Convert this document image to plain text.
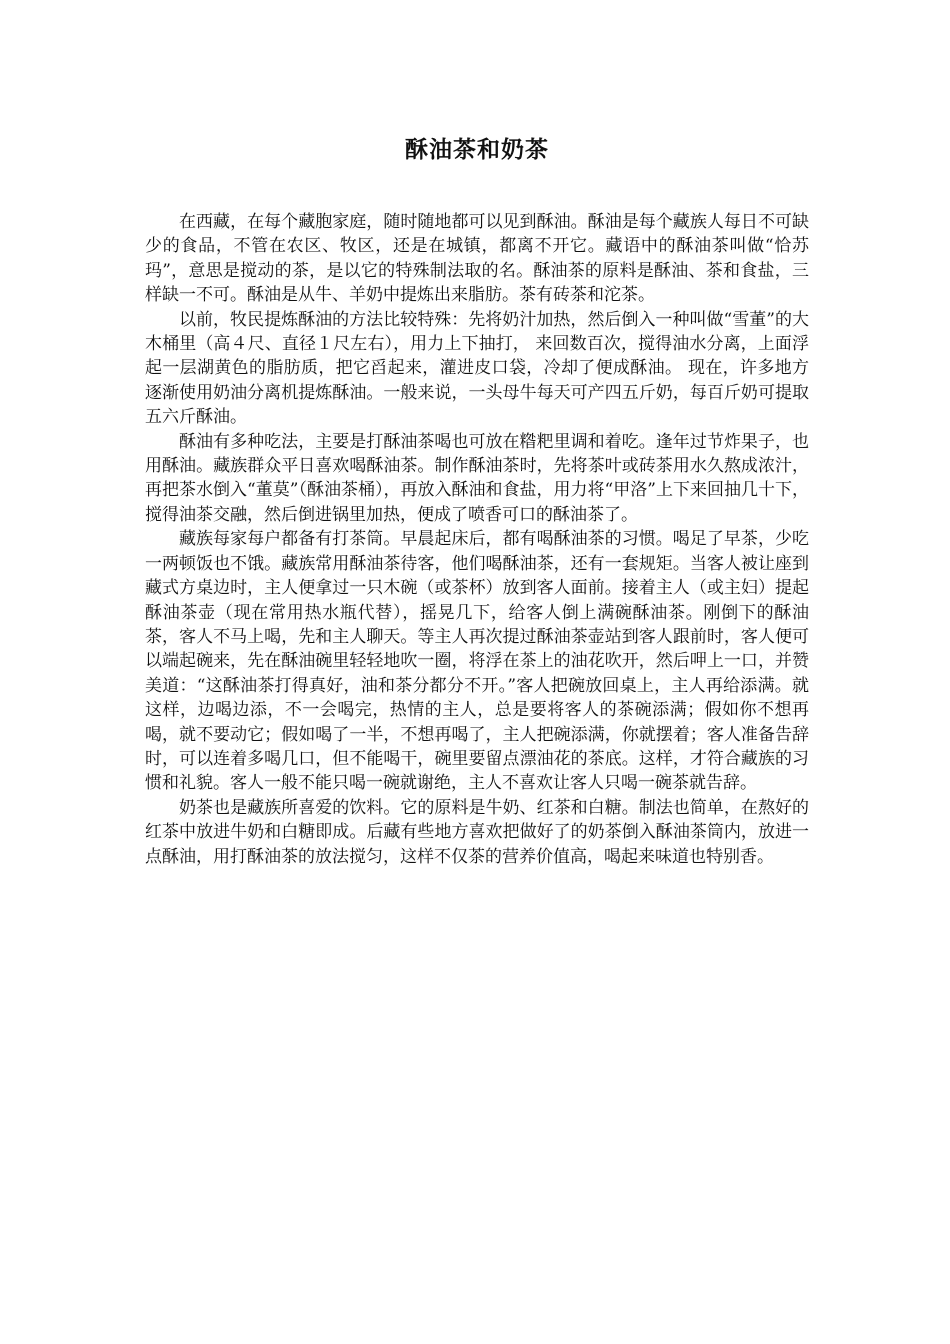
酥油茶和奶茶

在西藏，在每个藏胞家庭，随时随地都可以见到酥油。酥油是每个藏族人每日不可缺少的食品，不管在农区、牧区，还是在城镇，都离不开它。藏语中的酥油茶叫做“恰苏玛”，意思是搅动的茶，是以它的特殊制法取的名。酥油茶的原料是酥油、茶和食盐，三样缺一不可。酥油是从牛、羊奶中提炼出来脂肪。茶有砖茶和沱茶。

以前，牧民提炼酥油的方法比较特殊：先将奶汁加热，然后倒入一种叫做“雪董”的大木桶里（高４尺、直径１尺左右），用力上下抽打， 来回数百次，搅得油水分离，上面浮起一层湖黄色的脂肪质，把它舀起来，灌进皮口袋，冷却了便成酥油。 现在，许多地方逐渐使用奶油分离机提炼酥油。一般来说，一头母牛每天可产四五斤奶，每百斤奶可提取五六斤酥油。

酥油有多种吃法，主要是打酥油茶喝也可放在糌粑里调和着吃。逢年过节炸果子，也用酥油。藏族群众平日喜欢喝酥油茶。制作酥油茶时，先将茶叶或砖茶用水久熬成浓汁，再把茶水倒入“董莫”（酥油茶桶），再放入酥油和食盐，用力将“甲洛”上下来回抽几十下，搅得油茶交融，然后倒进锅里加热，便成了喷香可口的酥油茶了。

藏族每家每户都备有打茶筒。早晨起床后，都有喝酥油茶的习惯。喝足了早茶，少吃一两顿饭也不饿。藏族常用酥油茶待客，他们喝酥油茶，还有一套规矩。当客人被让座到藏式方桌边时，主人便拿过一只木碗（或茶杯）放到客人面前。接着主人（或主妇）提起酥油茶壶（现在常用热水瓶代替），摇晃几下，给客人倒上满碗酥油茶。刚倒下的酥油茶，客人不马上喝，先和主人聊天。等主人再次提过酥油茶壶站到客人跟前时，客人便可以端起碗来，先在酥油碗里轻轻地吹一圈，将浮在茶上的油花吹开，然后呷上一口，并赞美道：“这酥油茶打得真好，油和茶分都分不开。”客人把碗放回桌上，主人再给添满。就这样，边喝边添，不一会喝完，热情的主人，总是要将客人的茶碗添满；假如你不想再喝，就不要动它；假如喝了一半，不想再喝了，主人把碗添满，你就摆着；客人准备告辞时，可以连着多喝几口，但不能喝干，碗里要留点漂油花的茶底。这样，才符合藏族的习惯和礼貌。客人一般不能只喝一碗就谢绝，主人不喜欢让客人只喝一碗茶就告辞。

奶茶也是藏族所喜爱的饮料。它的原料是牛奶、红茶和白糖。制法也简单，在熬好的红茶中放进牛奶和白糖即成。后藏有些地方喜欢把做好了的奶茶倒入酥油茶筒内，放进一点酥油，用打酥油茶的放法搅匀，这样不仅茶的营养价值高，喝起来味道也特别香。
